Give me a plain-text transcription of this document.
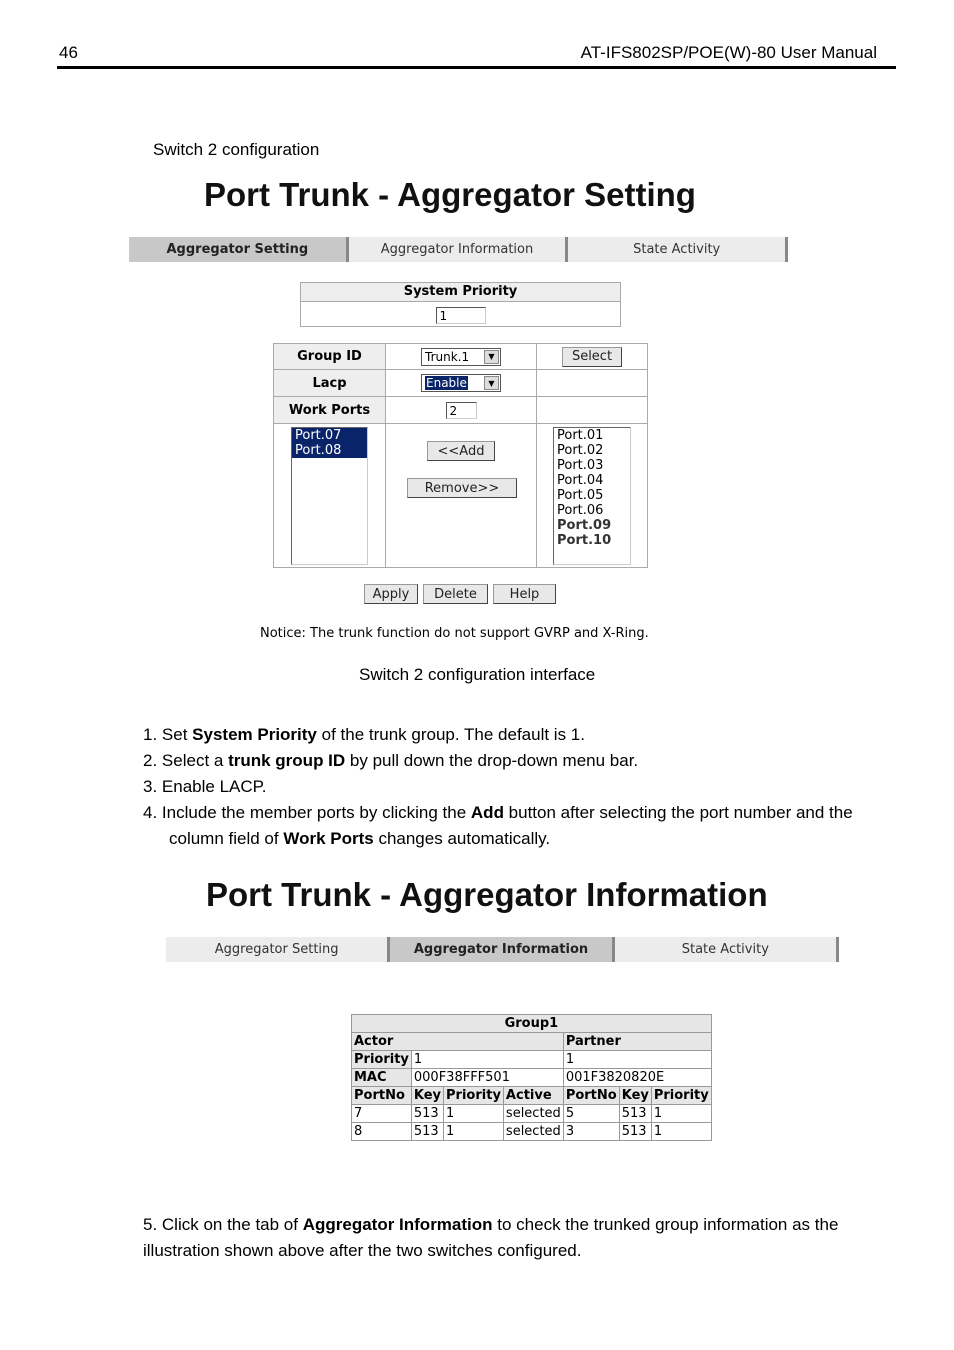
46	AT-IFS802SP/POE(W)-80 User Manual
Switch 2 configuration
Port Trunk - Aggregator Setting
Aggregator Setting	Aggregator Information	State Activity
System Priority
1
Group ID	Trunk.1	▼	Select
Lacp	Enable	▼
Work Ports	2
Port.07
Port.08	<<Add
Remove>>
Port.01
Port.02
Port.03
Port.04
Port.05
Port.06
Port.09
Port.10
Apply	Delete	Help
Notice: The trunk function do not support GVRP and X-Ring.
Switch 2 configuration interface
1. Set System Priority of the trunk group. The default is 1.
2. Select a trunk group ID by pull down the drop-down menu bar.
3. Enable LACP.
4. Include the member ports by clicking the Add button after selecting the port number and the
column field of Work Ports changes automatically.
Port Trunk - Aggregator Information
Aggregator Setting	Aggregator Information	State Activity
Group1						
Actor				Partner		
Priority	1			1		
MAC	000F38FFF501			001F3820820E		
PortNo	Key	Priority	Active	PortNo	Key	Priority
7	513	1	selected	5	513	1
8	513	1	selected	3	513	1
5. Click on the tab of Aggregator Information to check the trunked group information as the
illustration shown above after the two switches configured.
